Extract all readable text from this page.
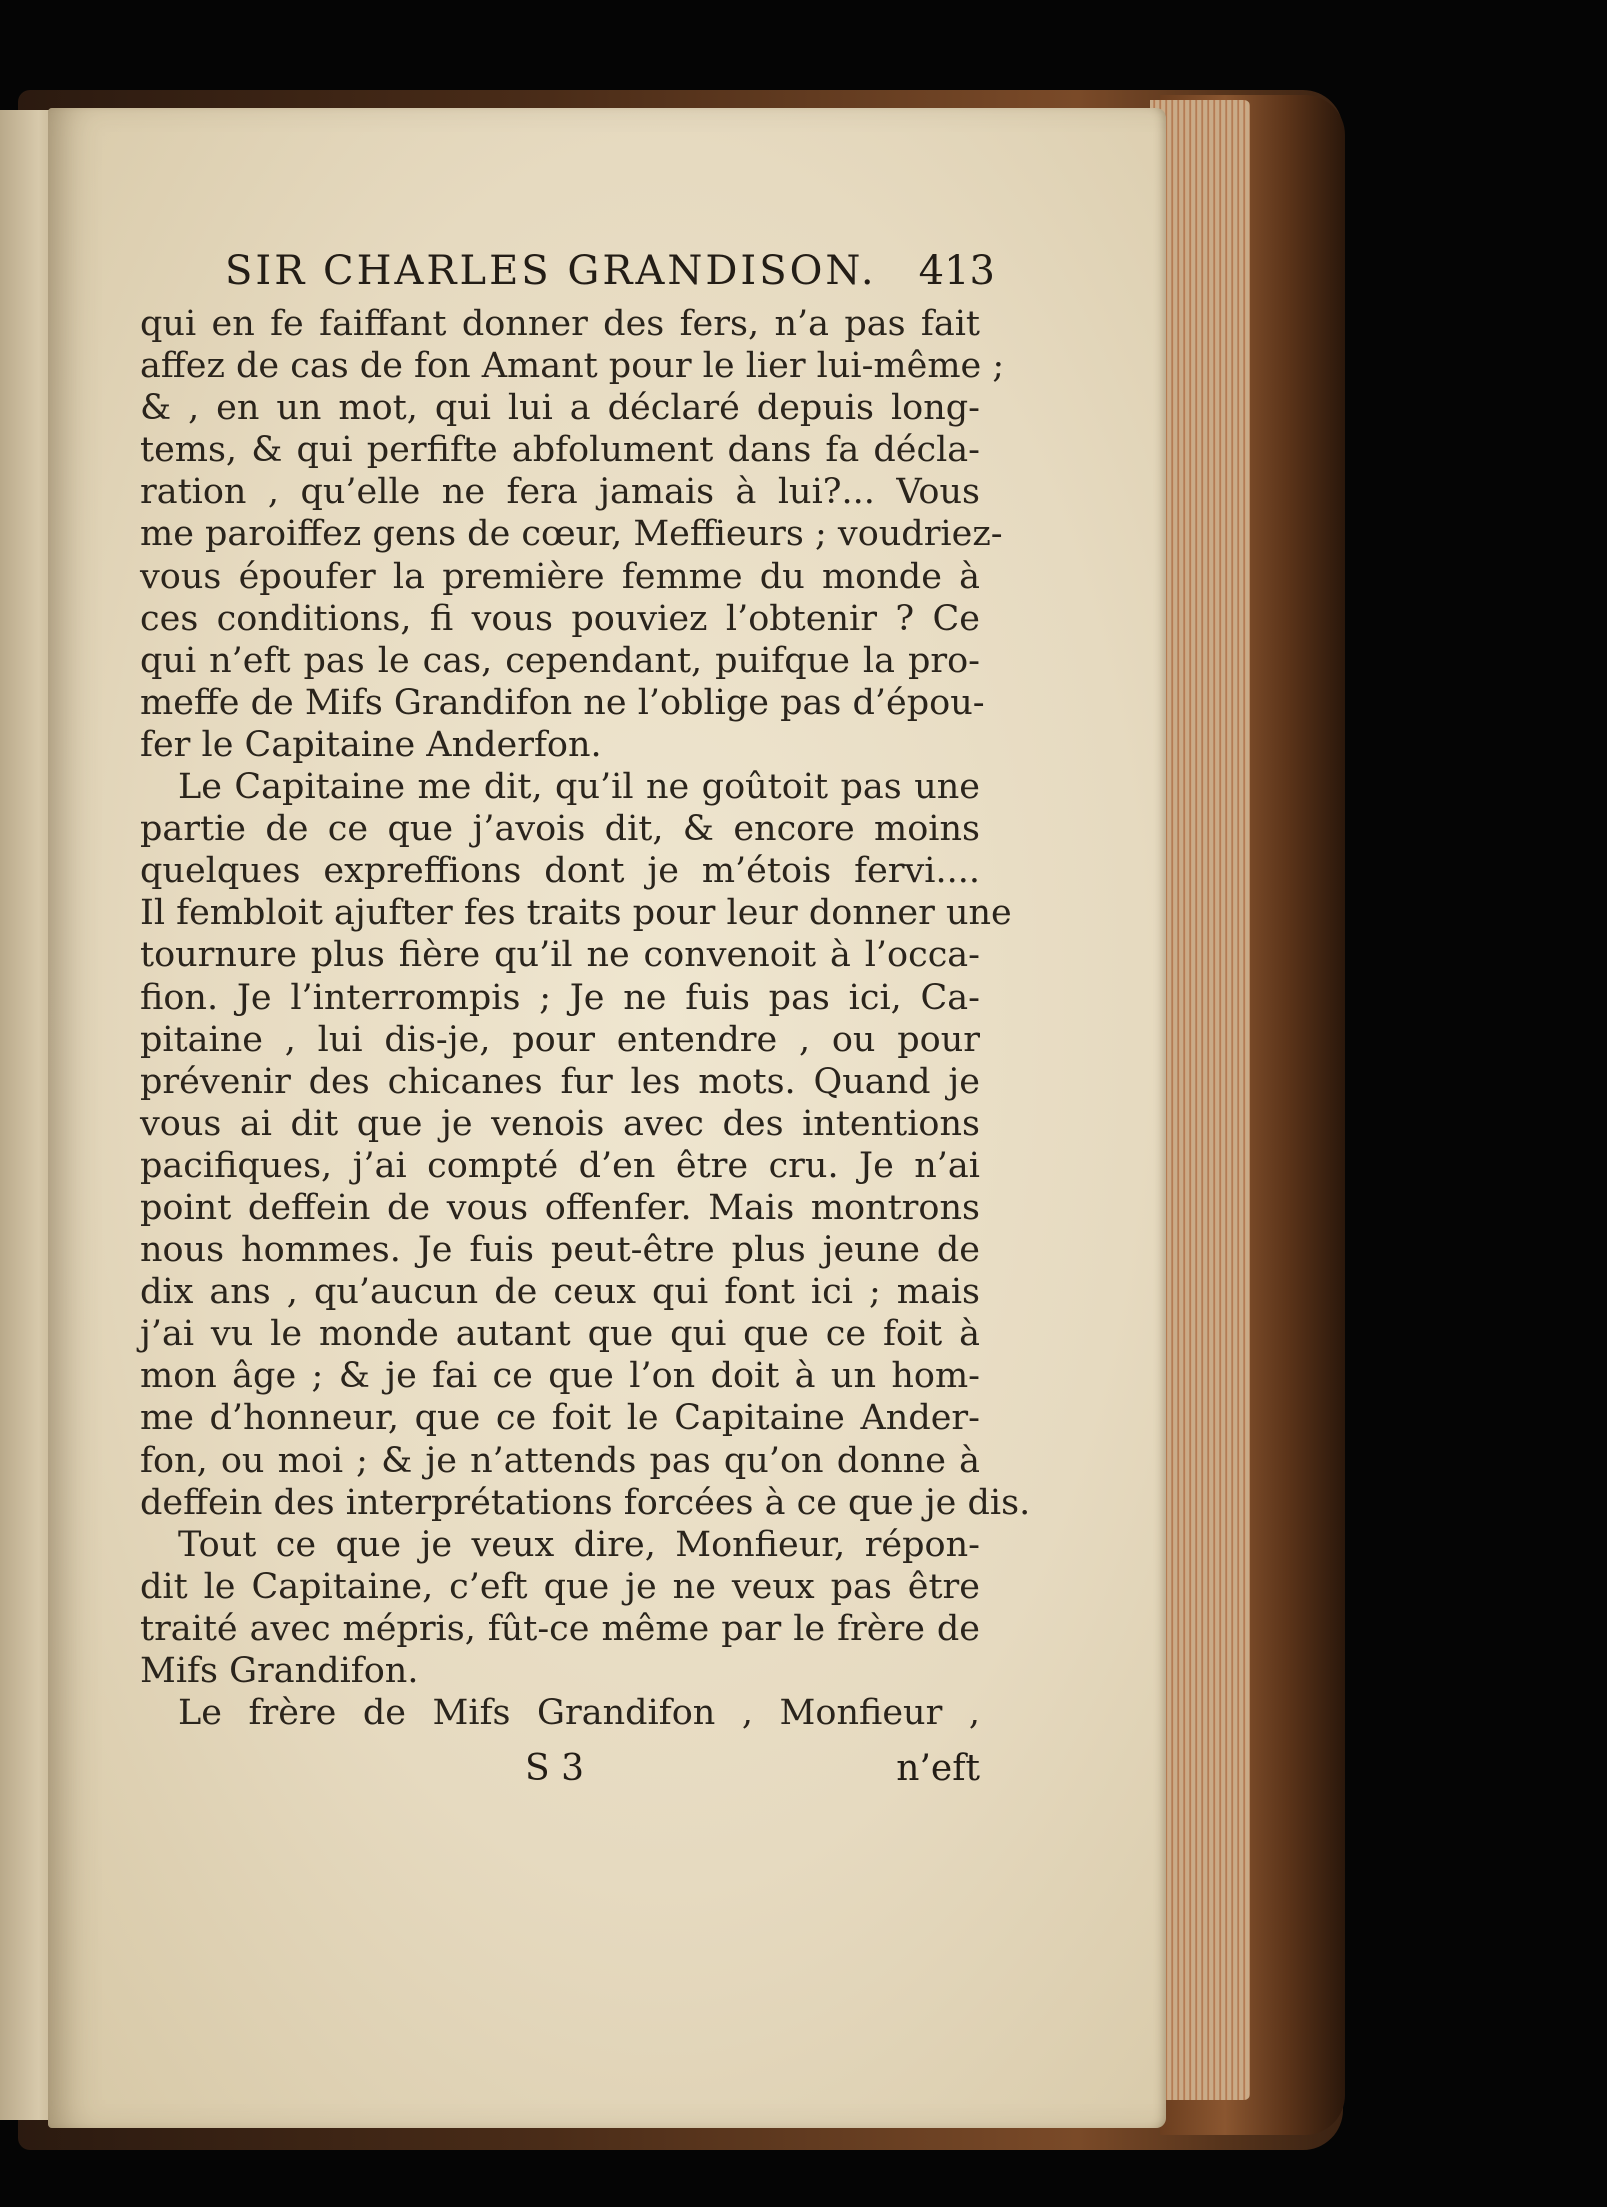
SIR CHARLES GRANDISON. 413
qui en fe faiffant donner des fers, n’a pas fait
affez de cas de fon Amant pour le lier lui-même ;
& , en un mot, qui lui a déclaré depuis long-
tems, & qui perfifte abfolument dans fa décla-
ration , qu’elle ne fera jamais à lui?... Vous
me paroiffez gens de cœur, Meffieurs ; voudriez-
vous époufer la première femme du monde à
ces conditions, fi vous pouviez l’obtenir ? Ce
qui n’eft pas le cas, cependant, puifque la pro-
meffe de Mifs Grandifon ne l’oblige pas d’épou-
fer le Capitaine Anderfon.
Le Capitaine me dit, qu’il ne goûtoit pas une
partie de ce que j’avois dit, & encore moins
quelques expreffions dont je m’étois fervi....
Il fembloit ajufter fes traits pour leur donner une
tournure plus fière qu’il ne convenoit à l’occa-
fion. Je l’interrompis ; Je ne fuis pas ici, Ca-
pitaine , lui dis-je, pour entendre , ou pour
prévenir des chicanes fur les mots. Quand je
vous ai dit que je venois avec des intentions
pacifiques, j’ai compté d’en être cru. Je n’ai
point deffein de vous offenfer. Mais montrons
nous hommes. Je fuis peut-être plus jeune de
dix ans , qu’aucun de ceux qui font ici ; mais
j’ai vu le monde autant que qui que ce foit à
mon âge ; & je fai ce que l’on doit à un hom-
me d’honneur, que ce foit le Capitaine Ander-
fon, ou moi ; & je n’attends pas qu’on donne à
deffein des interprétations forcées à ce que je dis.
Tout ce que je veux dire, Monfieur, répon-
dit le Capitaine, c’eft que je ne veux pas être
traité avec mépris, fût-ce même par le frère de
Mifs Grandifon.
Le frère de Mifs Grandifon , Monfieur ,
S 3	n’eft
